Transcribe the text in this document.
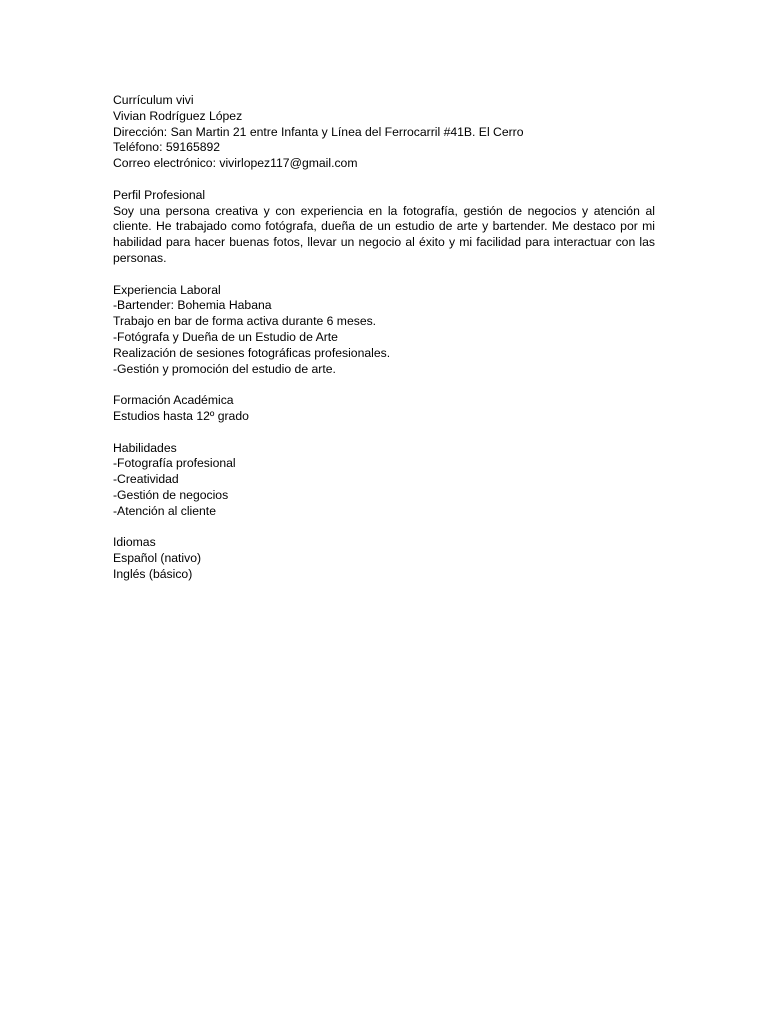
Currículum vivi
Vivian Rodríguez López
Dirección: San Martin 21 entre Infanta y Línea del Ferrocarril #41B. El Cerro
Teléfono: 59165892
Correo electrónico: vivirlopez117@gmail.com
Perfil Profesional
Soy una persona creativa y con experiencia en la fotografía, gestión de negocios y atención al cliente. He trabajado como fotógrafa, dueña de un estudio de arte y bartender. Me destaco por mi habilidad para hacer buenas fotos, llevar un negocio al éxito y mi facilidad para interactuar con las personas.
Experiencia Laboral
-Bartender: Bohemia Habana
Trabajo en bar de forma activa durante 6 meses.
-Fotógrafa y Dueña de un Estudio de Arte
Realización de sesiones fotográficas profesionales.
-Gestión y promoción del estudio de arte.
Formación Académica
Estudios hasta 12º grado
Habilidades
-Fotografía profesional
-Creatividad
-Gestión de negocios
-Atención al cliente
Idiomas
Español (nativo)
Inglés (básico)
